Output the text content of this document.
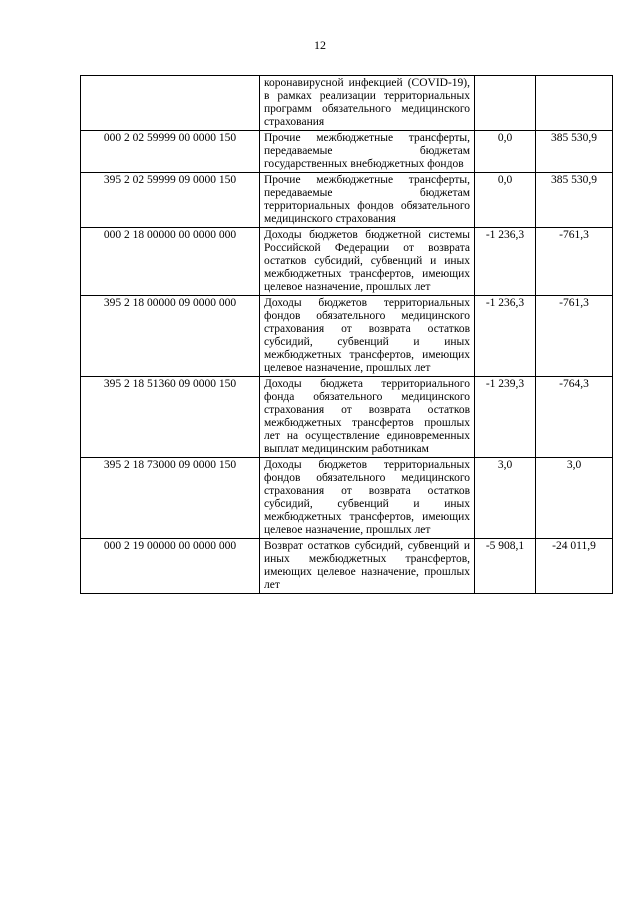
12
	коронавирусной инфекцией (COVID-19), в рамках реализации территориальных программ обязательного медицинского страхования		
000 2 02 59999 00 0000 150	Прочие межбюджетные трансферты, передаваемые бюджетам государственных внебюджетных фондов	0,0	385 530,9
395 2 02 59999 09 0000 150	Прочие межбюджетные трансферты, передаваемые бюджетам территориальных фондов обязательного медицинского страхования	0,0	385 530,9
000 2 18 00000 00 0000 000	Доходы бюджетов бюджетной системы Российской Федерации от возврата остатков субсидий, субвенций и иных межбюджетных трансфертов, имеющих целевое назначение, прошлых лет	-1 236,3	-761,3
395 2 18 00000 09 0000 000	Доходы бюджетов территориальных фондов обязательного медицинского страхования от возврата остатков субсидий, субвенций и иных межбюджетных трансфертов, имеющих целевое назначение, прошлых лет	-1 236,3	-761,3
395 2 18 51360 09 0000 150	Доходы бюджета территориального фонда обязательного медицинского страхования от возврата остатков межбюджетных трансфертов прошлых лет на осуществление единовременных выплат медицинским работникам	-1 239,3	-764,3
395 2 18 73000 09 0000 150	Доходы бюджетов территориальных фондов обязательного медицинского страхования от возврата остатков субсидий, субвенций и иных межбюджетных трансфертов, имеющих целевое назначение, прошлых лет	3,0	3,0
000 2 19 00000 00 0000 000	Возврат остатков субсидий, субвенций и иных межбюджетных трансфертов, имеющих целевое назначение, прошлых лет	-5 908,1	-24 011,9
